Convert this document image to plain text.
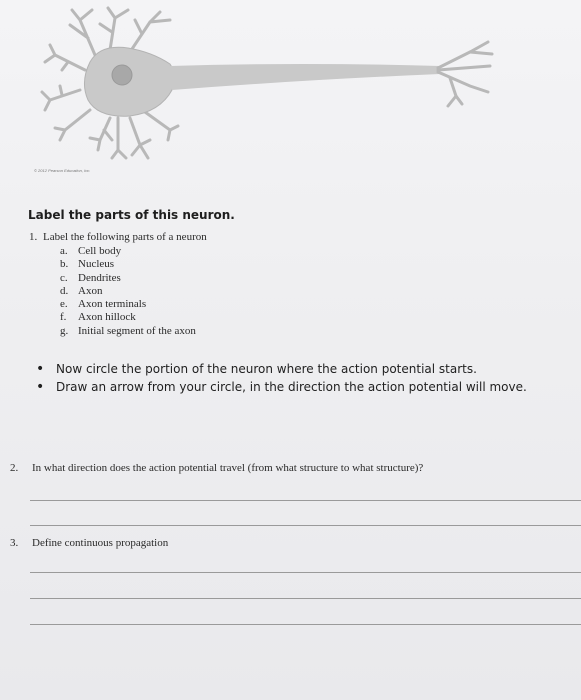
© 2012 Pearson Education, Inc.
Label the parts of this neuron.
1. Label the following parts of a neuron
a. Cell body
b. Nucleus
c. Dendrites
d. Axon
e. Axon terminals
f. Axon hillock
g. Initial segment of the axon
• Now circle the portion of the neuron where the action potential starts.
• Draw an arrow from your circle, in the direction the action potential will move.
2. In what direction does the action potential travel (from what structure to what structure)?
3. Define continuous propagation
